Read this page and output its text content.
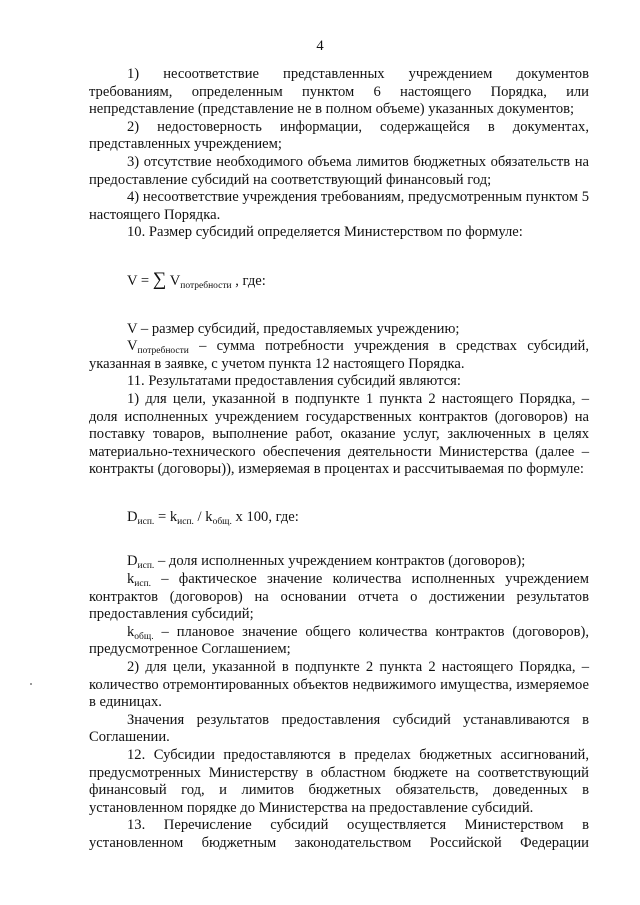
4

1) несоответствие представленных учреждением документов требованиям, определенным пунктом 6 настоящего Порядка, или непредставление (представление не в полном объеме) указанных документов;

2) недостоверность информации, содержащейся в документах, представленных учреждением;

3) отсутствие необходимого объема лимитов бюджетных обязательств на предоставление субсидий на соответствующий финансовый год;

4) несоответствие учреждения требованиям, предусмотренным пунктом 5 настоящего Порядка.

10. Размер субсидий определяется Министерством по формуле:

V = ∑ $V_{потребности}$ , где:

V – размер субсидий, предоставляемых учреждению;

$V_{потребности}$ – сумма потребности учреждения в средствах субсидий, указанная в заявке, с учетом пункта 12 настоящего Порядка.

11. Результатами предоставления субсидий являются:

1) для цели, указанной в подпункте 1 пункта 2 настоящего Порядка, – доля исполненных учреждением государственных контрактов (договоров) на поставку товаров, выполнение работ, оказание услуг, заключенных в целях материально-технического обеспечения деятельности Министерства (далее – контракты (договоры)), измеряемая в процентах и рассчитываемая по формуле:

$D_{исп.} = k_{исп.} / k_{общ.}$ х 100, где:

$D_{исп.}$ – доля исполненных учреждением контрактов (договоров);

$k_{исп.}$ – фактическое значение количества исполненных учреждением контрактов (договоров) на основании отчета о достижении результатов предоставления субсидий;

$k_{общ.}$ – плановое значение общего количества контрактов (договоров), предусмотренное Соглашением;

2) для цели, указанной в подпункте 2 пункта 2 настоящего Порядка, – количество отремонтированных объектов недвижимого имущества, измеряемое в единицах.

Значения результатов предоставления субсидий устанавливаются в Соглашении.

12. Субсидии предоставляются в пределах бюджетных ассигнований, предусмотренных Министерству в областном бюджете на соответствующий финансовый год, и лимитов бюджетных обязательств, доведенных в установленном порядке до Министерства на предоставление субсидий.

13. Перечисление субсидий осуществляется Министерством в установленном бюджетным законодательством Российской Федерации
